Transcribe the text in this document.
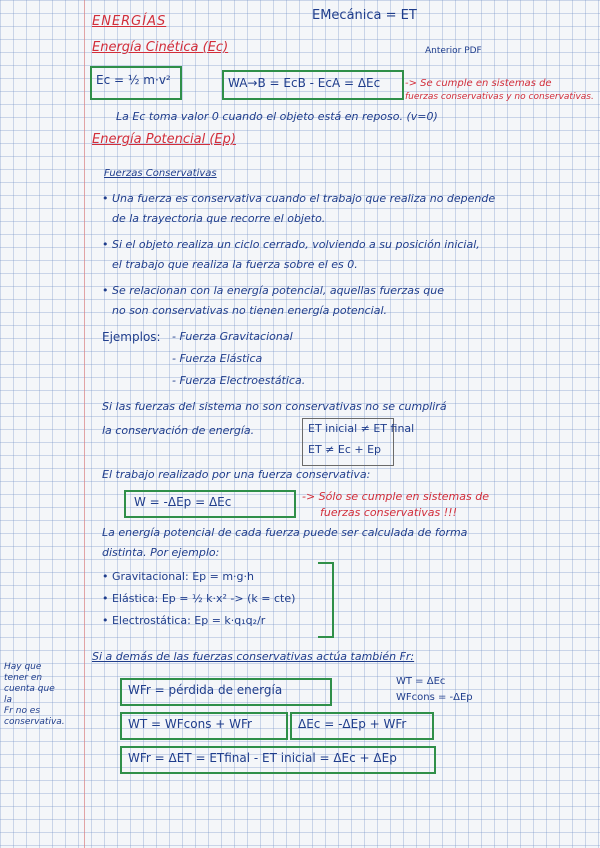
ENERGÍAS	EMecánica = ET
Energía Cinética (Ec)	Anterior PDF
Ec = ½ m·v²	WA→B = EcB - EcA = ΔEc -> Se cumple en sistemas de
fuerzas conservativas y no conservativas.
La Ec toma valor 0 cuando el objeto está en reposo. (v=0)
Energía Potencial (Ep)
Fuerzas Conservativas
• Una fuerza es conservativa cuando el trabajo que realiza no depende
de la trayectoria que recorre el objeto.
• Si el objeto realiza un ciclo cerrado, volviendo a su posición inicial,
el trabajo que realiza la fuerza sobre el es 0.
• Se relacionan con la energía potencial, aquellas fuerzas que
no son conservativas no tienen energía potencial.
Ejemplos: - Fuerza Gravitacional
- Fuerza Elástica
- Fuerza Electroestática.
Si las fuerzas del sistema no son conservativas no se cumplirá
la conservación de energía.	ET inicial ≠ ET final
ET ≠ Ec + Ep
El trabajo realizado por una fuerza conservativa:
W = -ΔEp = ΔEc	-> Sólo se cumple en sistemas de
fuerzas conservativas !!!
La energía potencial de cada fuerza puede ser calculada de forma
distinta. Por ejemplo:
• Gravitacional: Ep = m·g·h
• Elástica: Ep = ½ k·x² -> (k = cte)
• Electrostática: Ep = k·q₁q₂/r
Hay que
tener en
cuenta que
la
Fr no es
conservativa.
Si a demás de las fuerzas conservativas actúa también Fr:
WFr = pérdida de energía
WT = ΔEc
WFcons = -ΔEp
WT = WFcons + WFr	ΔEc = -ΔEp + WFr
WFr = ΔET = ETfinal - ET inicial = ΔEc + ΔEp
